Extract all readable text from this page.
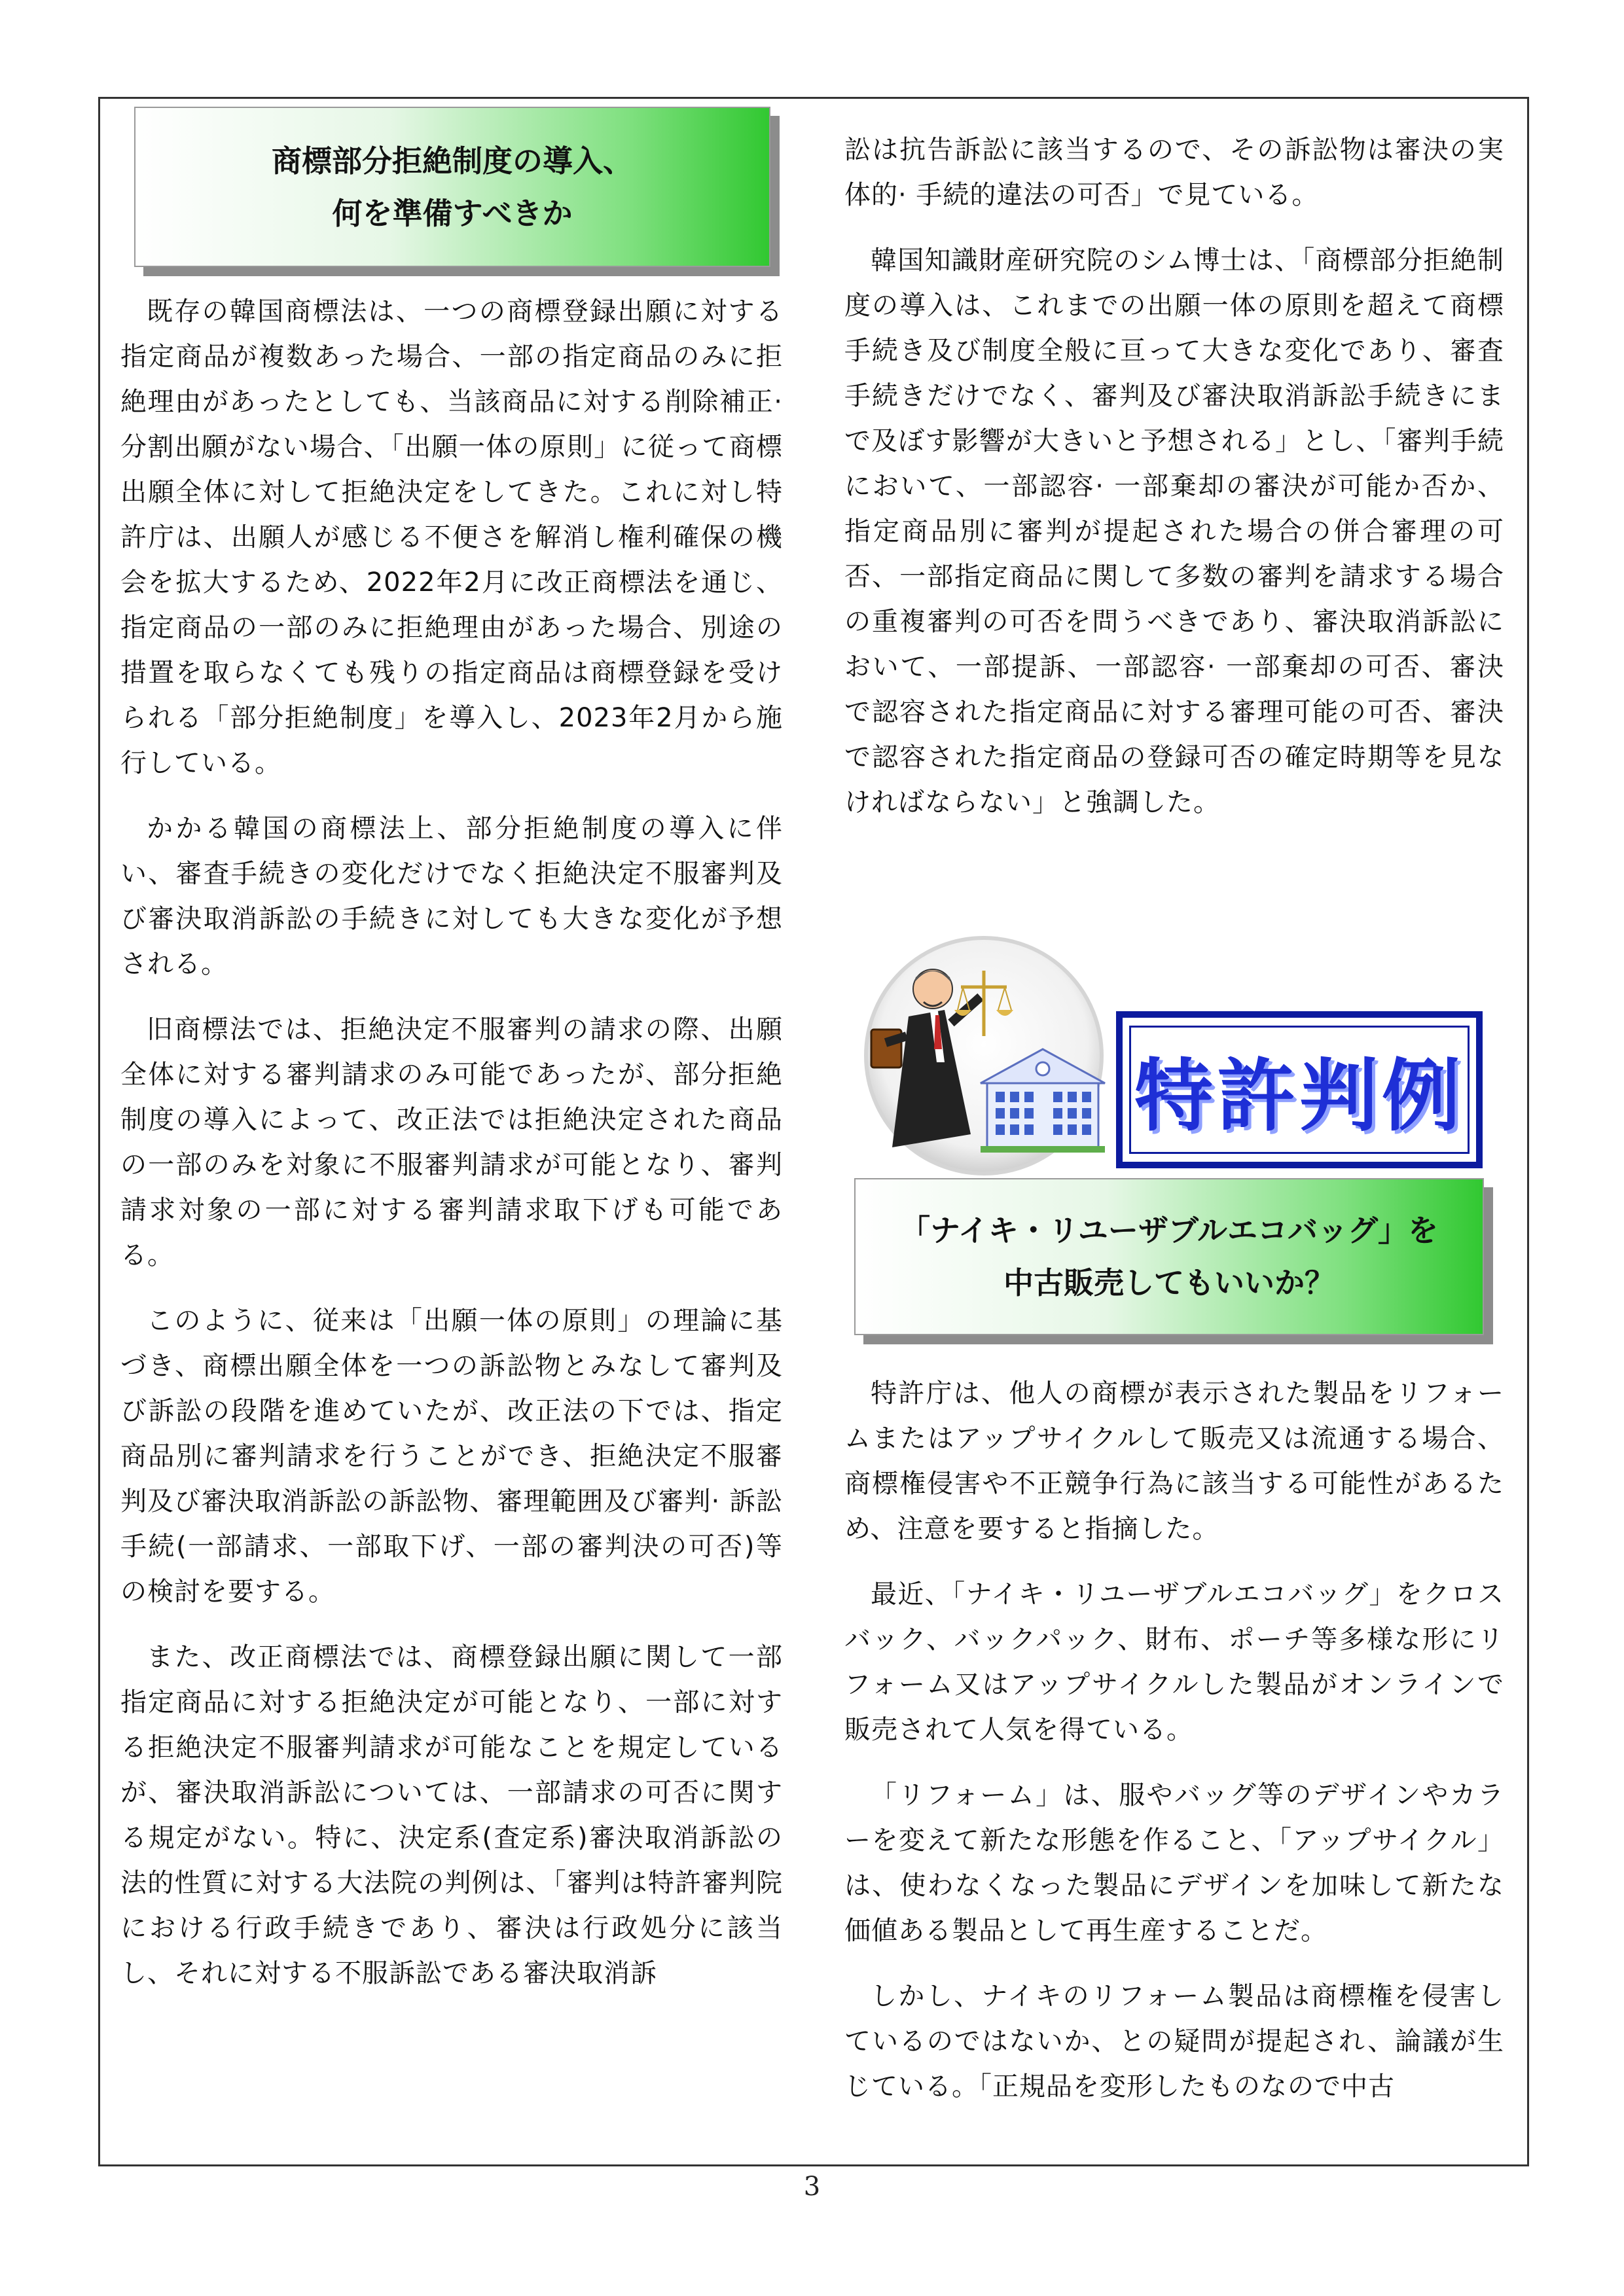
商標部分拒絶制度の導入、
何を準備すべきか

既存の韓国商標法は、一つの商標登録出願に対する指定商品が複数あった場合、一部の指定商品のみに拒絶理由があったとしても、当該商品に対する削除補正· 分割出願がない場合、「出願一体の原則」に従って商標出願全体に対して拒絶決定をしてきた。これに対し特許庁は、出願人が感じる不便さを解消し権利確保の機会を拡大するため、2022年2月に改正商標法を通じ、指定商品の一部のみに拒絶理由があった場合、別途の措置を取らなくても残りの指定商品は商標登録を受けられる「部分拒絶制度」を導入し、2023年2月から施行している。

かかる韓国の商標法上、部分拒絶制度の導入に伴い、審査手続きの変化だけでなく拒絶決定不服審判及び審決取消訴訟の手続きに対しても大きな変化が予想される。

旧商標法では、拒絶決定不服審判の請求の際、出願全体に対する審判請求のみ可能であったが、部分拒絶制度の導入によって、改正法では拒絶決定された商品の一部のみを対象に不服審判請求が可能となり、審判請求対象の一部に対する審判請求取下げも可能である。

このように、従来は「出願一体の原則」の理論に基づき、商標出願全体を一つの訴訟物とみなして審判及び訴訟の段階を進めていたが、改正法の下では、指定商品別に審判請求を行うことができ、拒絶決定不服審判及び審決取消訴訟の訴訟物、審理範囲及び審判· 訴訟手続(一部請求、一部取下げ、一部の審判決の可否)等の検討を要する。

また、改正商標法では、商標登録出願に関して一部指定商品に対する拒絶決定が可能となり、一部に対する拒絶決定不服審判請求が可能なことを規定しているが、審決取消訴訟については、一部請求の可否に関する規定がない。特に、決定系(査定系)審決取消訴訟の法的性質に対する大法院の判例は、「審判は特許審判院における行政手続きであり、審決は行政処分に該当し、それに対する不服訴訟である審決取消訴

訟は抗告訴訟に該当するので、その訴訟物は審決の実体的· 手続的違法の可否」で見ている。

韓国知識財産研究院のシム博士は、「商標部分拒絶制度の導入は、これまでの出願一体の原則を超えて商標手続き及び制度全般に亘って大きな変化であり、審査手続きだけでなく、審判及び審決取消訴訟手続きにまで及ぼす影響が大きいと予想される」とし、「審判手続において、一部認容· 一部棄却の審決が可能か否か、指定商品別に審判が提起された場合の併合審理の可否、一部指定商品に関して多数の審判を請求する場合の重複審判の可否を問うべきであり、審決取消訴訟において、一部提訴、一部認容· 一部棄却の可否、審決で認容された指定商品に対する審理可能の可否、審決で認容された指定商品の登録可否の確定時期等を見なければならない」と強調した。

特許判例
「ナイキ・リユーザブルエコバッグ」を
中古販売してもいいか？

特許庁は、他人の商標が表示された製品をリフォームまたはアップサイクルして販売又は流通する場合、商標権侵害や不正競争行為に該当する可能性があるため、注意を要すると指摘した。

最近、「ナイキ・リユーザブルエコバッグ」をクロスバック、バックパック、財布、ポーチ等多様な形にリフォーム又はアップサイクルした製品がオンラインで販売されて人気を得ている。

「リフォーム」は、服やバッグ等のデザインやカラーを変えて新たな形態を作ること、「アップサイクル」は、使わなくなった製品にデザインを加味して新たな価値ある製品として再生産することだ。

しかし、ナイキのリフォーム製品は商標権を侵害しているのではないか、との疑問が提起され、論議が生じている。「正規品を変形したものなので中古

3
